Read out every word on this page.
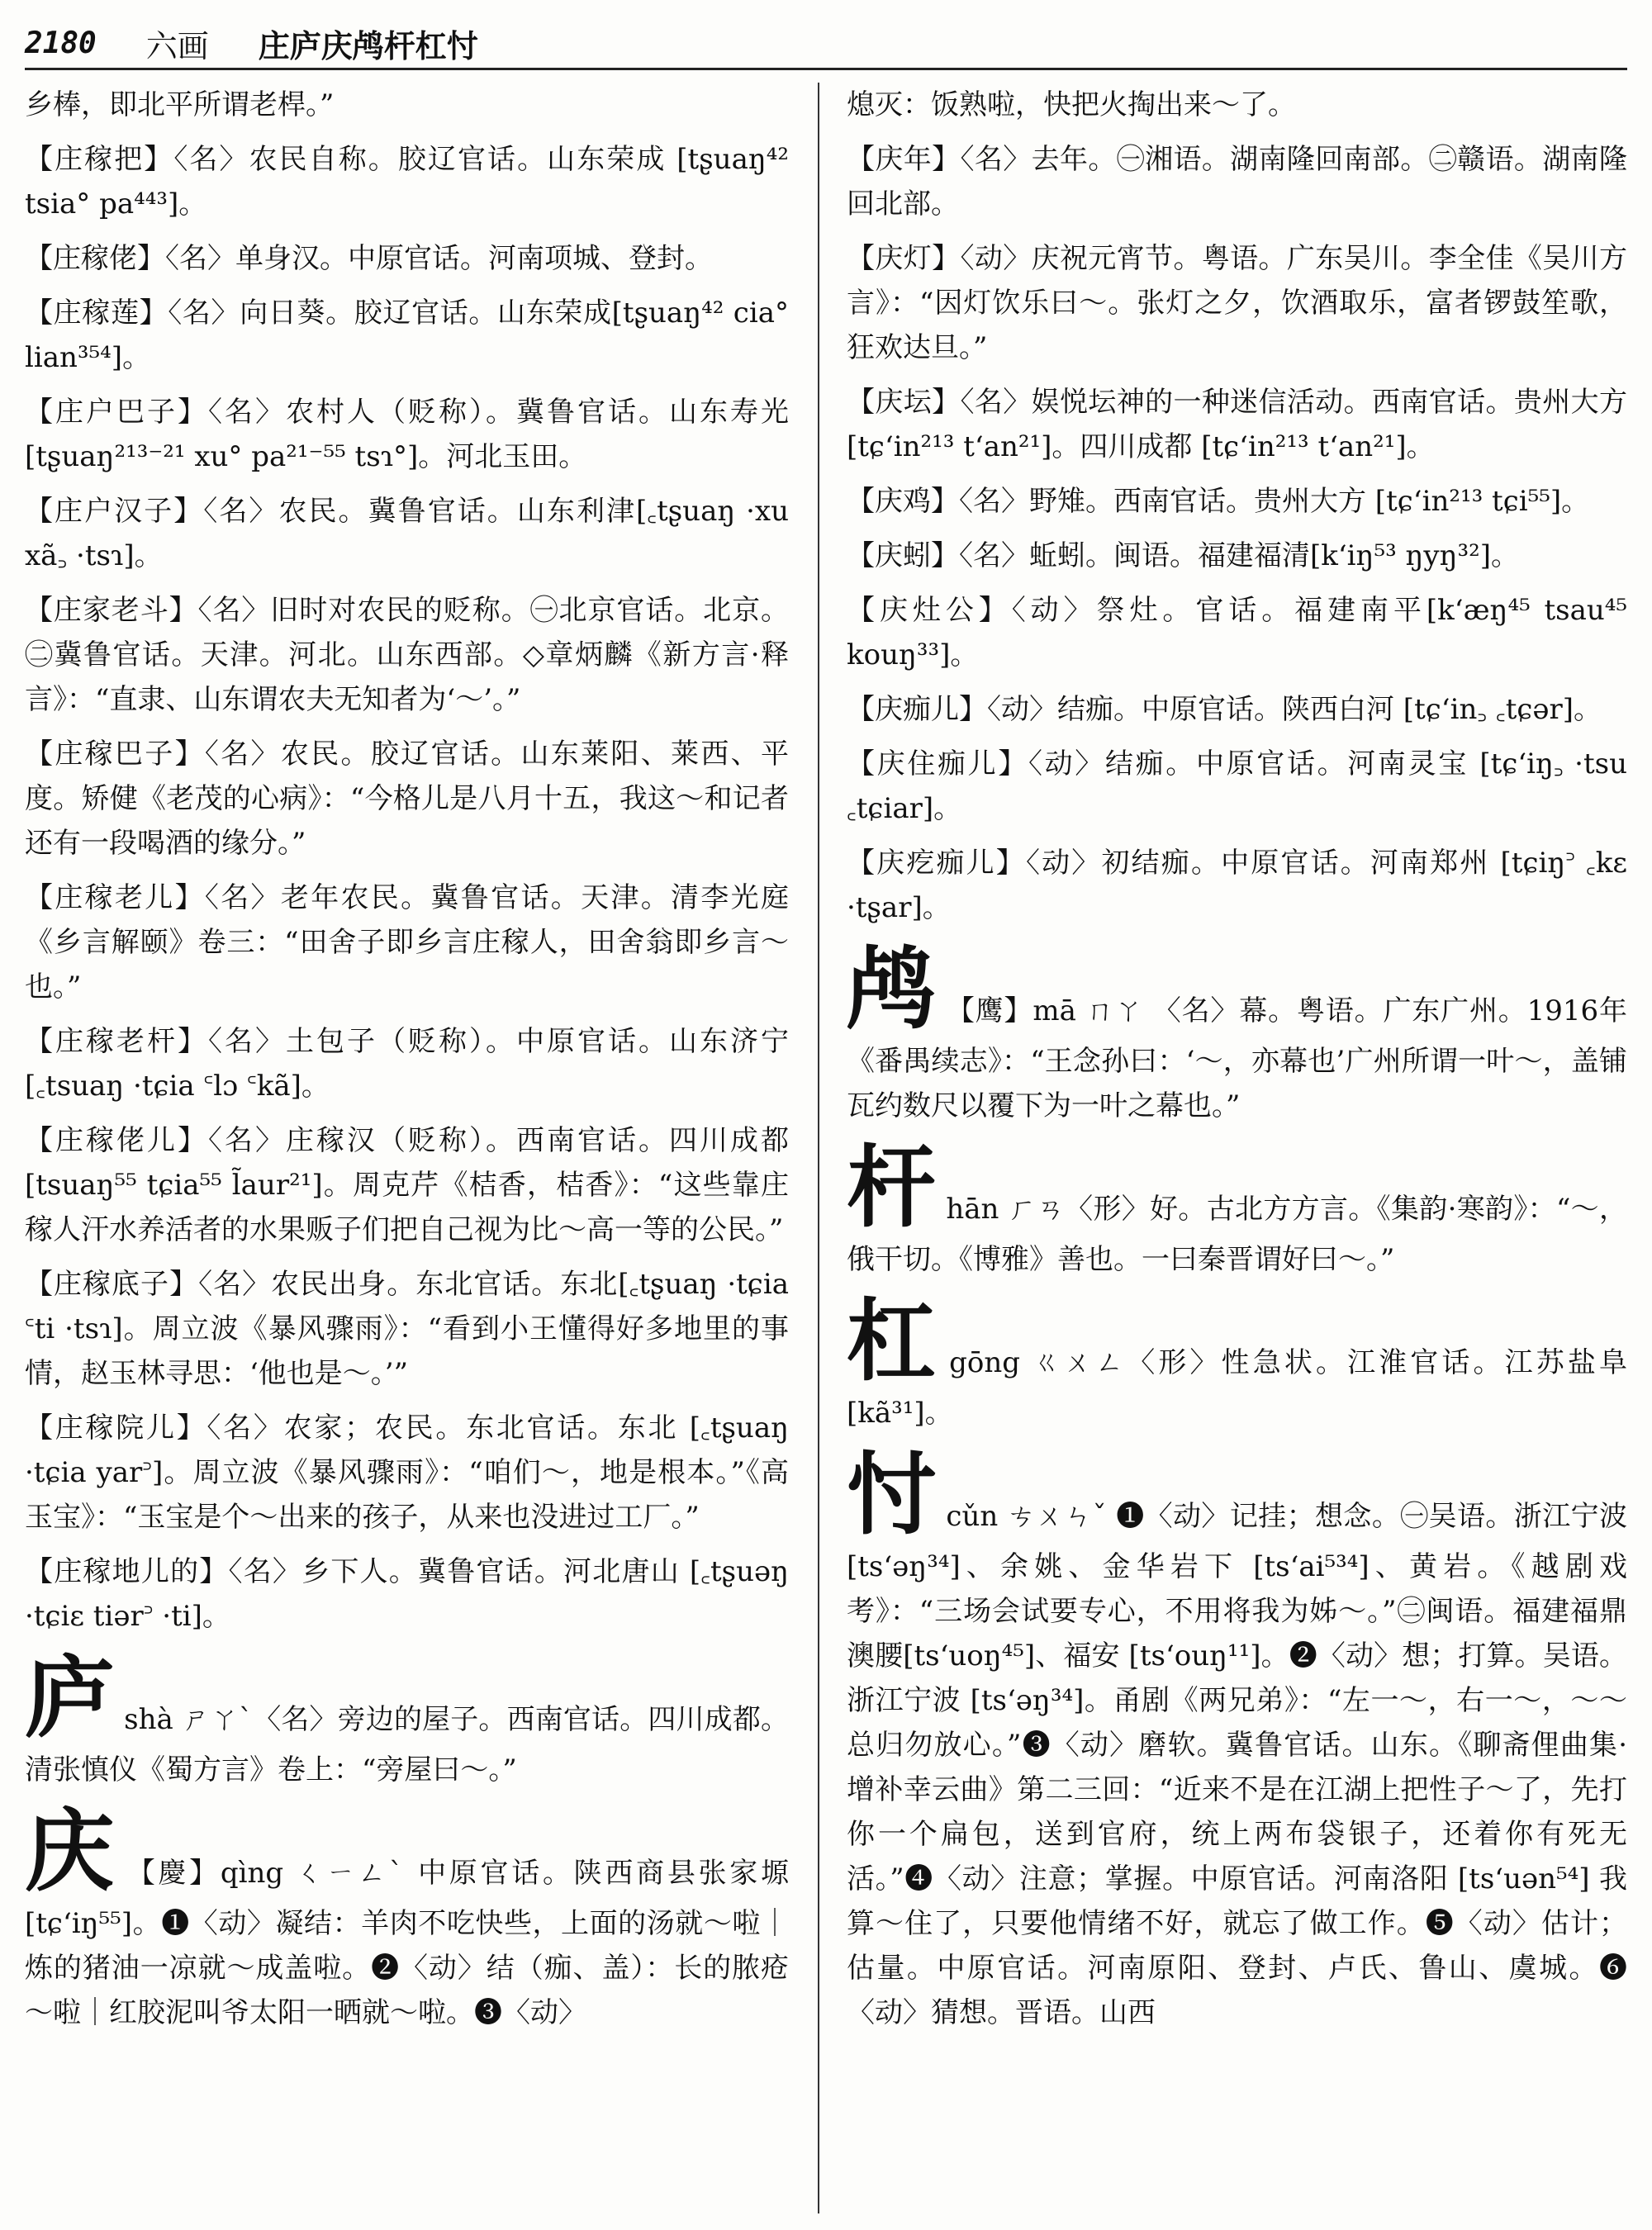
2180 六画 庄庐庆鸬杆杠忖

乡棒，即北平所谓老桿。”

【庄稼把】〈名〉农民自称。胶辽官话。山东荣成 [tʂuaŋ⁴² tsia° pa⁴⁴³]。

【庄稼佬】〈名〉单身汉。中原官话。河南项城、登封。

【庄稼莲】〈名〉向日葵。胶辽官话。山东荣成[tʂuaŋ⁴² cia° lian³⁵⁴]。

【庄户巴子】〈名〉农村人（贬称）。冀鲁官话。山东寿光 [tʂuaŋ²¹³⁻²¹ xu° pa²¹⁻⁵⁵ tsɿ°]。河北玉田。

【庄户汉子】〈名〉农民。冀鲁官话。山东利津[꜀tʂuaŋ ·xu xã꜆ ·tsɿ]。

【庄家老斗】〈名〉旧时对农民的贬称。㊀北京官话。北京。㊁冀鲁官话。天津。河北。山东西部。◇章炳麟《新方言·释言》：“直隶、山东谓农夫无知者为‘～’。”

【庄稼巴子】〈名〉农民。胶辽官话。山东莱阳、莱西、平度。矫健《老茂的心病》：“今格儿是八月十五，我这～和记者还有一段喝酒的缘分。”

【庄稼老儿】〈名〉老年农民。冀鲁官话。天津。清李光庭《乡言解颐》卷三：“田舍子即乡言庄稼人，田舍翁即乡言～也。”

【庄稼老杆】〈名〉土包子（贬称）。中原官话。山东济宁 [꜀tsuaŋ ·tɕia ꜂lɔ ꜂kã]。

【庄稼佬儿】〈名〉庄稼汉（贬称）。西南官话。四川成都 [tsuaŋ⁵⁵ tɕia⁵⁵ l̃aur²¹]。周克芹《桔香，桔香》：“这些靠庄稼人汗水养活者的水果贩子们把自己视为比～高一等的公民。”

【庄稼底子】〈名〉农民出身。东北官话。东北[꜀tʂuaŋ ·tɕia ꜂ti ·tsɿ]。周立波《暴风骤雨》：“看到小王懂得好多地里的事情，赵玉林寻思：‘他也是～。’”

【庄稼院儿】〈名〉农家；农民。东北官话。东北 [꜀tʂuaŋ ·tɕia yar꜄]。周立波《暴风骤雨》：“咱们～，地是根本。”《高玉宝》：“玉宝是个～出来的孩子，从来也没进过工厂。”

【庄稼地儿的】〈名〉乡下人。冀鲁官话。河北唐山 [꜀tʂuəŋ ·tɕiɛ tiər꜄ ·ti]。

庐shà ㄕㄚˋ〈名〉旁边的屋子。西南官话。四川成都。清张慎仪《蜀方言》卷上：“旁屋曰～。”

庆 【慶】qìng ㄑㄧㄥˋ 中原官话。陕西商县张家塬 [tɕʻiŋ⁵⁵]。❶〈动〉凝结：羊肉不吃快些，上面的汤就～啦｜炼的猪油一凉就～成盖啦。❷〈动〉结（痂、盖）：长的脓疮～啦｜红胶泥叫爷太阳一晒就～啦。❸〈动〉

熄灭：饭熟啦，快把火掏出来～了。

【庆年】〈名〉去年。㊀湘语。湖南隆回南部。㊁赣语。湖南隆回北部。

【庆灯】〈动〉庆祝元宵节。粤语。广东吴川。李全佳《吴川方言》：“因灯饮乐曰～。张灯之夕，饮酒取乐，富者锣鼓笙歌，狂欢达旦。”

【庆坛】〈名〉娱悦坛神的一种迷信活动。西南官话。贵州大方 [tɕʻin²¹³ tʻan²¹]。四川成都 [tɕʻin²¹³ tʻan²¹]。

【庆鸡】〈名〉野雉。西南官话。贵州大方 [tɕʻin²¹³ tɕi⁵⁵]。

【庆蚓】〈名〉蚯蚓。闽语。福建福清[kʻiŋ⁵³ ŋyŋ³²]。

【庆灶公】〈动〉祭灶。官话。福建南平[kʻæŋ⁴⁵ tsau⁴⁵ kouŋ³³]。

【庆痂儿】〈动〉结痂。中原官话。陕西白河 [tɕʻin꜆ ꜀tɕər]。

【庆住痂儿】〈动〉结痂。中原官话。河南灵宝 [tɕʻiŋ꜆ ·tsu ꜀tɕiar]。

【庆疙痂儿】〈动〉初结痂。中原官话。河南郑州 [tɕiŋ꜄ ꜀kɛ ·tʂar]。

鸬 【鹰】mā ㄇㄚ 〈名〉幕。粤语。广东广州。1916年《番禺续志》：“王念孙曰：‘～，亦幕也’广州所谓一叶～，盖铺瓦约数尺以覆下为一叶之幕也。”

杆hān ㄏㄢ〈形〉好。古北方方言。《集韵·寒韵》：“～，俄干切。《博雅》善也。一曰秦晋谓好曰～。”

杠gōng ㄍㄨㄥ〈形〉性急状。江淮官话。江苏盐阜 [kã³¹]。

忖cǔn ㄘㄨㄣˇ ❶〈动〉记挂；想念。㊀吴语。浙江宁波 [tsʻəŋ³⁴]、余姚、金华岩下 [tsʻai⁵³⁴]、黄岩。《越剧戏考》：“三场会试要专心，不用将我为姊～。”㊁闽语。福建福鼎澳腰[tsʻuoŋ⁴⁵]、福安 [tsʻouŋ¹¹]。❷〈动〉想；打算。吴语。浙江宁波 [tsʻəŋ³⁴]。甬剧《两兄弟》：“左一～，右一～，～～总归勿放心。”❸〈动〉磨软。冀鲁官话。山东。《聊斋俚曲集·增补幸云曲》第二三回：“近来不是在江湖上把性子～了，先打你一个扁包，送到官府，统上两布袋银子，还着你有死无活。”❹〈动〉注意；掌握。中原官话。河南洛阳 [tsʻuən⁵⁴] 我算～住了，只要他情绪不好，就忘了做工作。❺〈动〉估计；估量。中原官话。河南原阳、登封、卢氏、鲁山、虞城。❻〈动〉猜想。晋语。山西
